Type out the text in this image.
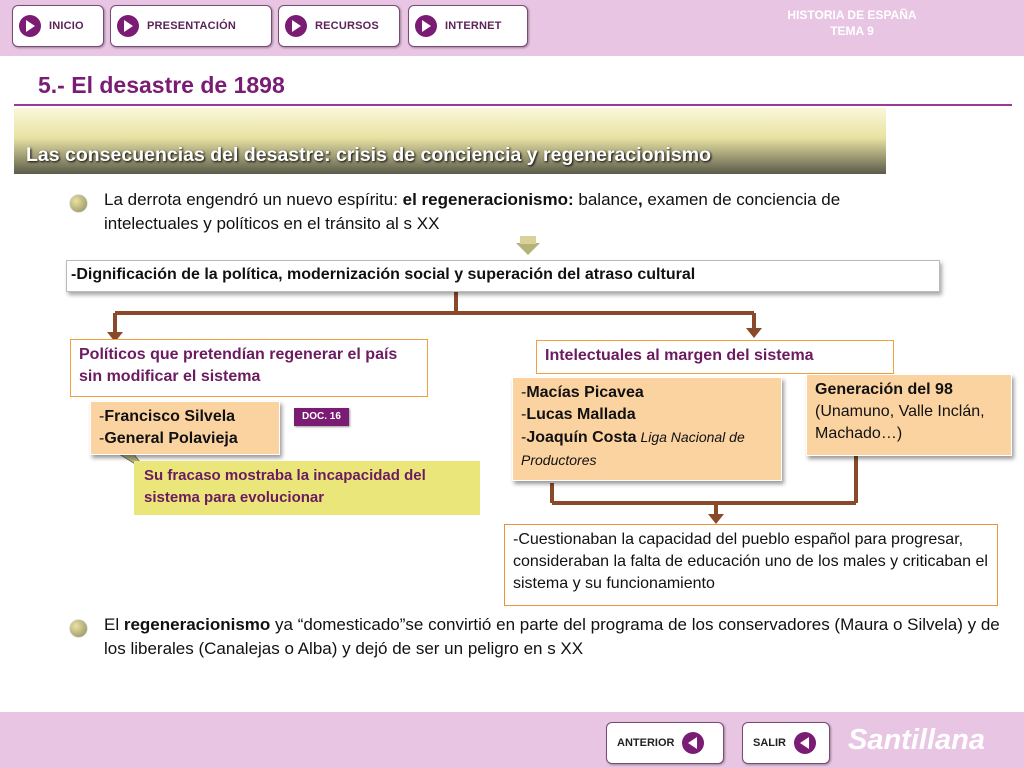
INICIO	PRESENTACIÓN	RECURSOS	INTERNET
HISTORIA DE ESPAÑA
TEMA 9
5.- El desastre de 1898
Las consecuencias del desastre: crisis de conciencia y regeneracionismo
La derrota engendró un nuevo espíritu: el regeneracionismo: balance, examen de conciencia de intelectuales y políticos en el tránsito al s XX
-Dignificación de la política, modernización social y superación del atraso cultural
Políticos que pretendían regenerar el país sin modificar el sistema
Intelectuales al margen del sistema
-Francisco Silvela
-General Polavieja
DOC. 16
Su fracaso mostraba la incapacidad del sistema para evolucionar
-Macías Picavea
-Lucas Mallada
-Joaquín Costa Liga Nacional de Productores
Generación del 98
(Unamuno, Valle Inclán, Machado…)
-Cuestionaban la capacidad del pueblo español para progresar, consideraban la falta de educación uno de los males y criticaban el sistema y su funcionamiento
El regeneracionismo ya “domesticado”se convirtió en parte del programa de los conservadores (Maura o Silvela) y de los liberales (Canalejas o Alba) y dejó de ser un peligro en s XX
ANTERIOR	SALIR Santillana
